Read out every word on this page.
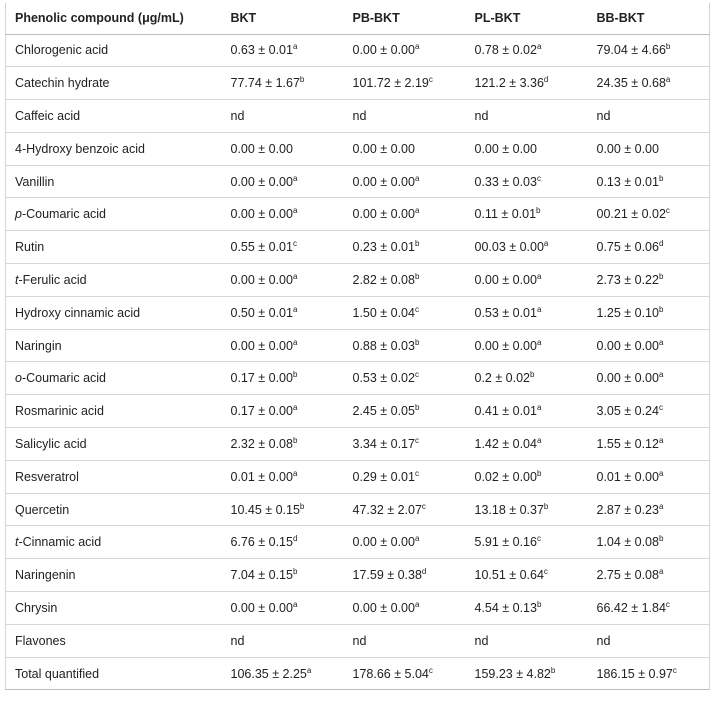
Phenolic compound (μg/mL)	BKT	PB-BKT	PL-BKT	BB-BKT
Chlorogenic acid	0.63 ± 0.01$^a$	0.00 ± 0.00$^a$	0.78 ± 0.02$^a$	79.04 ± 4.66$^b$
Catechin hydrate	77.74 ± 1.67$^b$	101.72 ± 2.19$^c$	121.2 ± 3.36$^d$	24.35 ± 0.68$^a$
Caffeic acid	nd	nd	nd	nd
4-Hydroxy benzoic acid	0.00 ± 0.00	0.00 ± 0.00	0.00 ± 0.00	0.00 ± 0.00
Vanillin	0.00 ± 0.00$^a$	0.00 ± 0.00$^a$	0.33 ± 0.03$^c$	0.13 ± 0.01$^b$
p-Coumaric acid	0.00 ± 0.00$^a$	0.00 ± 0.00$^a$	0.11 ± 0.01$^b$	00.21 ± 0.02$^c$
Rutin	0.55 ± 0.01$^c$	0.23 ± 0.01$^b$	00.03 ± 0.00$^a$	0.75 ± 0.06$^d$
t-Ferulic acid	0.00 ± 0.00$^a$	2.82 ± 0.08$^b$	0.00 ± 0.00$^a$	2.73 ± 0.22$^b$
Hydroxy cinnamic acid	0.50 ± 0.01$^a$	1.50 ± 0.04$^c$	0.53 ± 0.01$^a$	1.25 ± 0.10$^b$
Naringin	0.00 ± 0.00$^a$	0.88 ± 0.03$^b$	0.00 ± 0.00$^a$	0.00 ± 0.00$^a$
o-Coumaric acid	0.17 ± 0.00$^b$	0.53 ± 0.02$^c$	0.2 ± 0.02$^b$	0.00 ± 0.00$^a$
Rosmarinic acid	0.17 ± 0.00$^a$	2.45 ± 0.05$^b$	0.41 ± 0.01$^a$	3.05 ± 0.24$^c$
Salicylic acid	2.32 ± 0.08$^b$	3.34 ± 0.17$^c$	1.42 ± 0.04$^a$	1.55 ± 0.12$^a$
Resveratrol	0.01 ± 0.00$^a$	0.29 ± 0.01$^c$	0.02 ± 0.00$^b$	0.01 ± 0.00$^a$
Quercetin	10.45 ± 0.15$^b$	47.32 ± 2.07$^c$	13.18 ± 0.37$^b$	2.87 ± 0.23$^a$
t-Cinnamic acid	6.76 ± 0.15$^d$	0.00 ± 0.00$^a$	5.91 ± 0.16$^c$	1.04 ± 0.08$^b$
Naringenin	7.04 ± 0.15$^b$	17.59 ± 0.38$^d$	10.51 ± 0.64$^c$	2.75 ± 0.08$^a$
Chrysin	0.00 ± 0.00$^a$	0.00 ± 0.00$^a$	4.54 ± 0.13$^b$	66.42 ± 1.84$^c$
Flavones	nd	nd	nd	nd
Total quantified	106.35 ± 2.25$^a$	178.66 ± 5.04$^c$	159.23 ± 4.82$^b$	186.15 ± 0.97$^c$
